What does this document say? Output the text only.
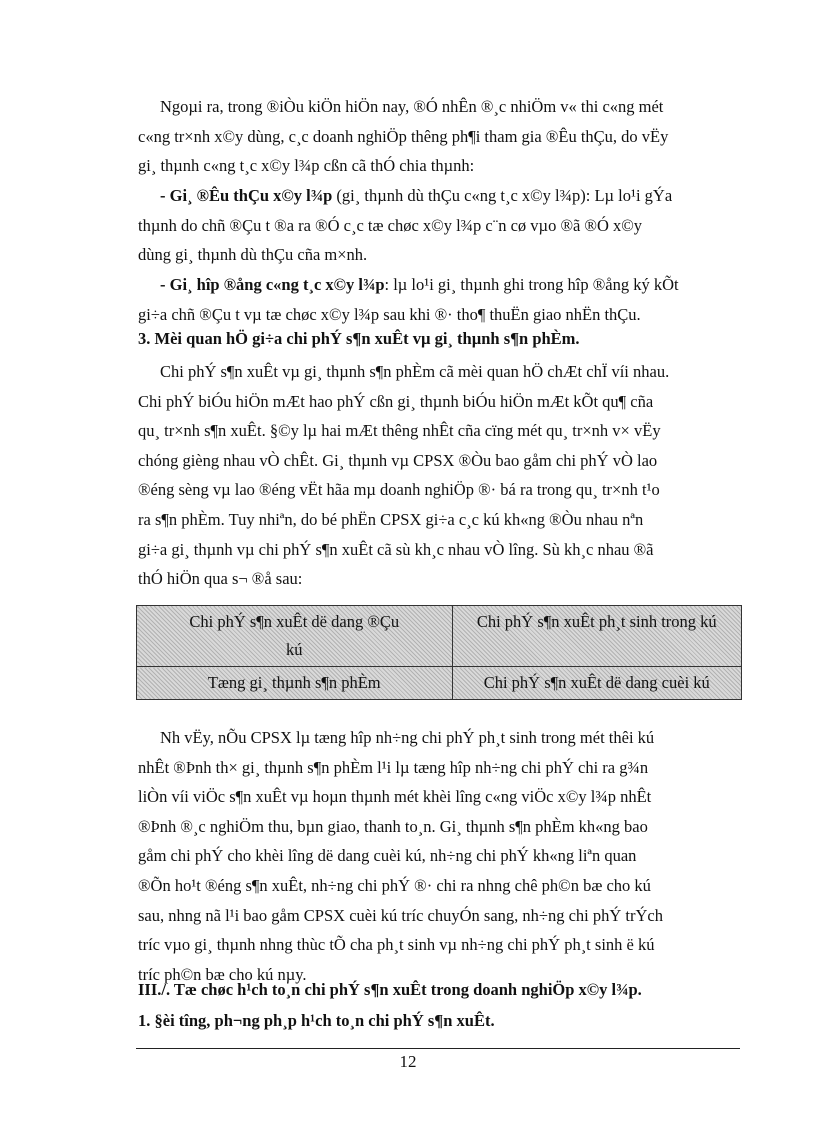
Ngoµi ra, trong ®iÒu kiÖn hiÖn nay, ®Ó nhÊn ®¸c nhiÖm v« thi c«ng mét
c«ng tr×nh x©y dùng, c¸c doanh nghiÖp thêng ph¶i tham gia ®Êu thÇu, do vËy
gi¸ thµnh c«ng t¸c x©y l¾p cßn cã thÓ chia thµnh:
- Gi¸ ®Êu thÇu x©y l¾p (gi¸ thµnh dù thÇu c«ng t¸c x©y l¾p): Lµ lo¹i gÝa
thµnh do chñ ®Çu t ®a ra ®Ó c¸c tæ chøc x©y l¾p c¨n cø vµo ®ã ®Ó x©y
dùng gi¸ thµnh dù thÇu cña m×nh.
- Gi¸ hîp ®ång c«ng t¸c x©y l¾p: lµ lo¹i gi¸ thµnh ghi trong hîp ®ång ký kÕt
gi÷a chñ ®Çu t vµ tæ chøc x©y l¾p sau khi ®· tho¶ thuËn giao nhËn thÇu.
3. Mèi quan hÖ gi÷a chi phÝ s¶n xuÊt vµ gi¸ thµnh s¶n phÈm.
Chi phÝ s¶n xuÊt vµ gi¸ thµnh s¶n phÈm cã mèi quan hÖ chÆt chÏ víi nhau.
Chi phÝ biÓu hiÖn mÆt hao phÝ cßn gi¸ thµnh biÓu hiÖn mÆt kÕt qu¶ cña
qu¸ tr×nh s¶n xuÊt. §©y lµ hai mÆt thêng nhÊt cña cïng mét qu¸ tr×nh v× vËy
chóng gièng nhau vÒ chÊt. Gi¸ thµnh vµ CPSX ®Òu bao gåm chi phÝ vÒ lao
®éng sèng vµ lao ®éng vËt hãa mµ doanh nghiÖp ®· bá ra trong qu¸ tr×nh t¹o
ra s¶n phÈm. Tuy nhiªn, do bé phËn CPSX gi÷a c¸c kú kh«ng ®Òu nhau nªn
gi÷a gi¸ thµnh vµ chi phÝ s¶n xuÊt cã sù kh¸c nhau vÒ lîng. Sù kh¸c nhau ®ã
thÓ hiÖn qua s¬ ®å sau:
Chi phÝ s¶n xuÊt dë dang ®Çu
kú	Chi phÝ s¶n xuÊt ph¸t sinh trong kú
Tæng gi¸ thµnh s¶n phÈm	Chi phÝ s¶n xuÊt dë dang cuèi kú
Nh vËy, nÕu CPSX lµ tæng hîp nh÷ng chi phÝ ph¸t sinh trong mét thêi kú
nhÊt ®Þnh th× gi¸ thµnh s¶n phÈm l¹i lµ tæng hîp nh÷ng chi phÝ chi ra g¾n
liÒn víi viÖc s¶n xuÊt vµ hoµn thµnh mét khèi lîng c«ng viÖc x©y l¾p nhÊt
®Þnh ®¸c nghiÖm thu, bµn giao, thanh to¸n. Gi¸ thµnh s¶n phÈm kh«ng bao
gåm chi phÝ cho khèi lîng dë dang cuèi kú, nh÷ng chi phÝ kh«ng liªn quan
®Õn ho¹t ®éng s¶n xuÊt, nh÷ng chi phÝ ®· chi ra nhng chê ph©n bæ cho kú
sau, nhng nã l¹i bao gåm CPSX cuèi kú tríc chuyÓn sang, nh÷ng chi phÝ trÝch
tríc vµo gi¸ thµnh nhng thùc tÕ cha ph¸t sinh vµ nh÷ng chi phÝ ph¸t sinh ë kú
tríc ph©n bæ cho kú nµy.
III./. Tæ chøc h¹ch to¸n chi phÝ s¶n xuÊt trong doanh nghiÖp x©y l¾p.
1. §èi tîng, ph¬ng ph¸p h¹ch to¸n chi phÝ s¶n xuÊt.
12
